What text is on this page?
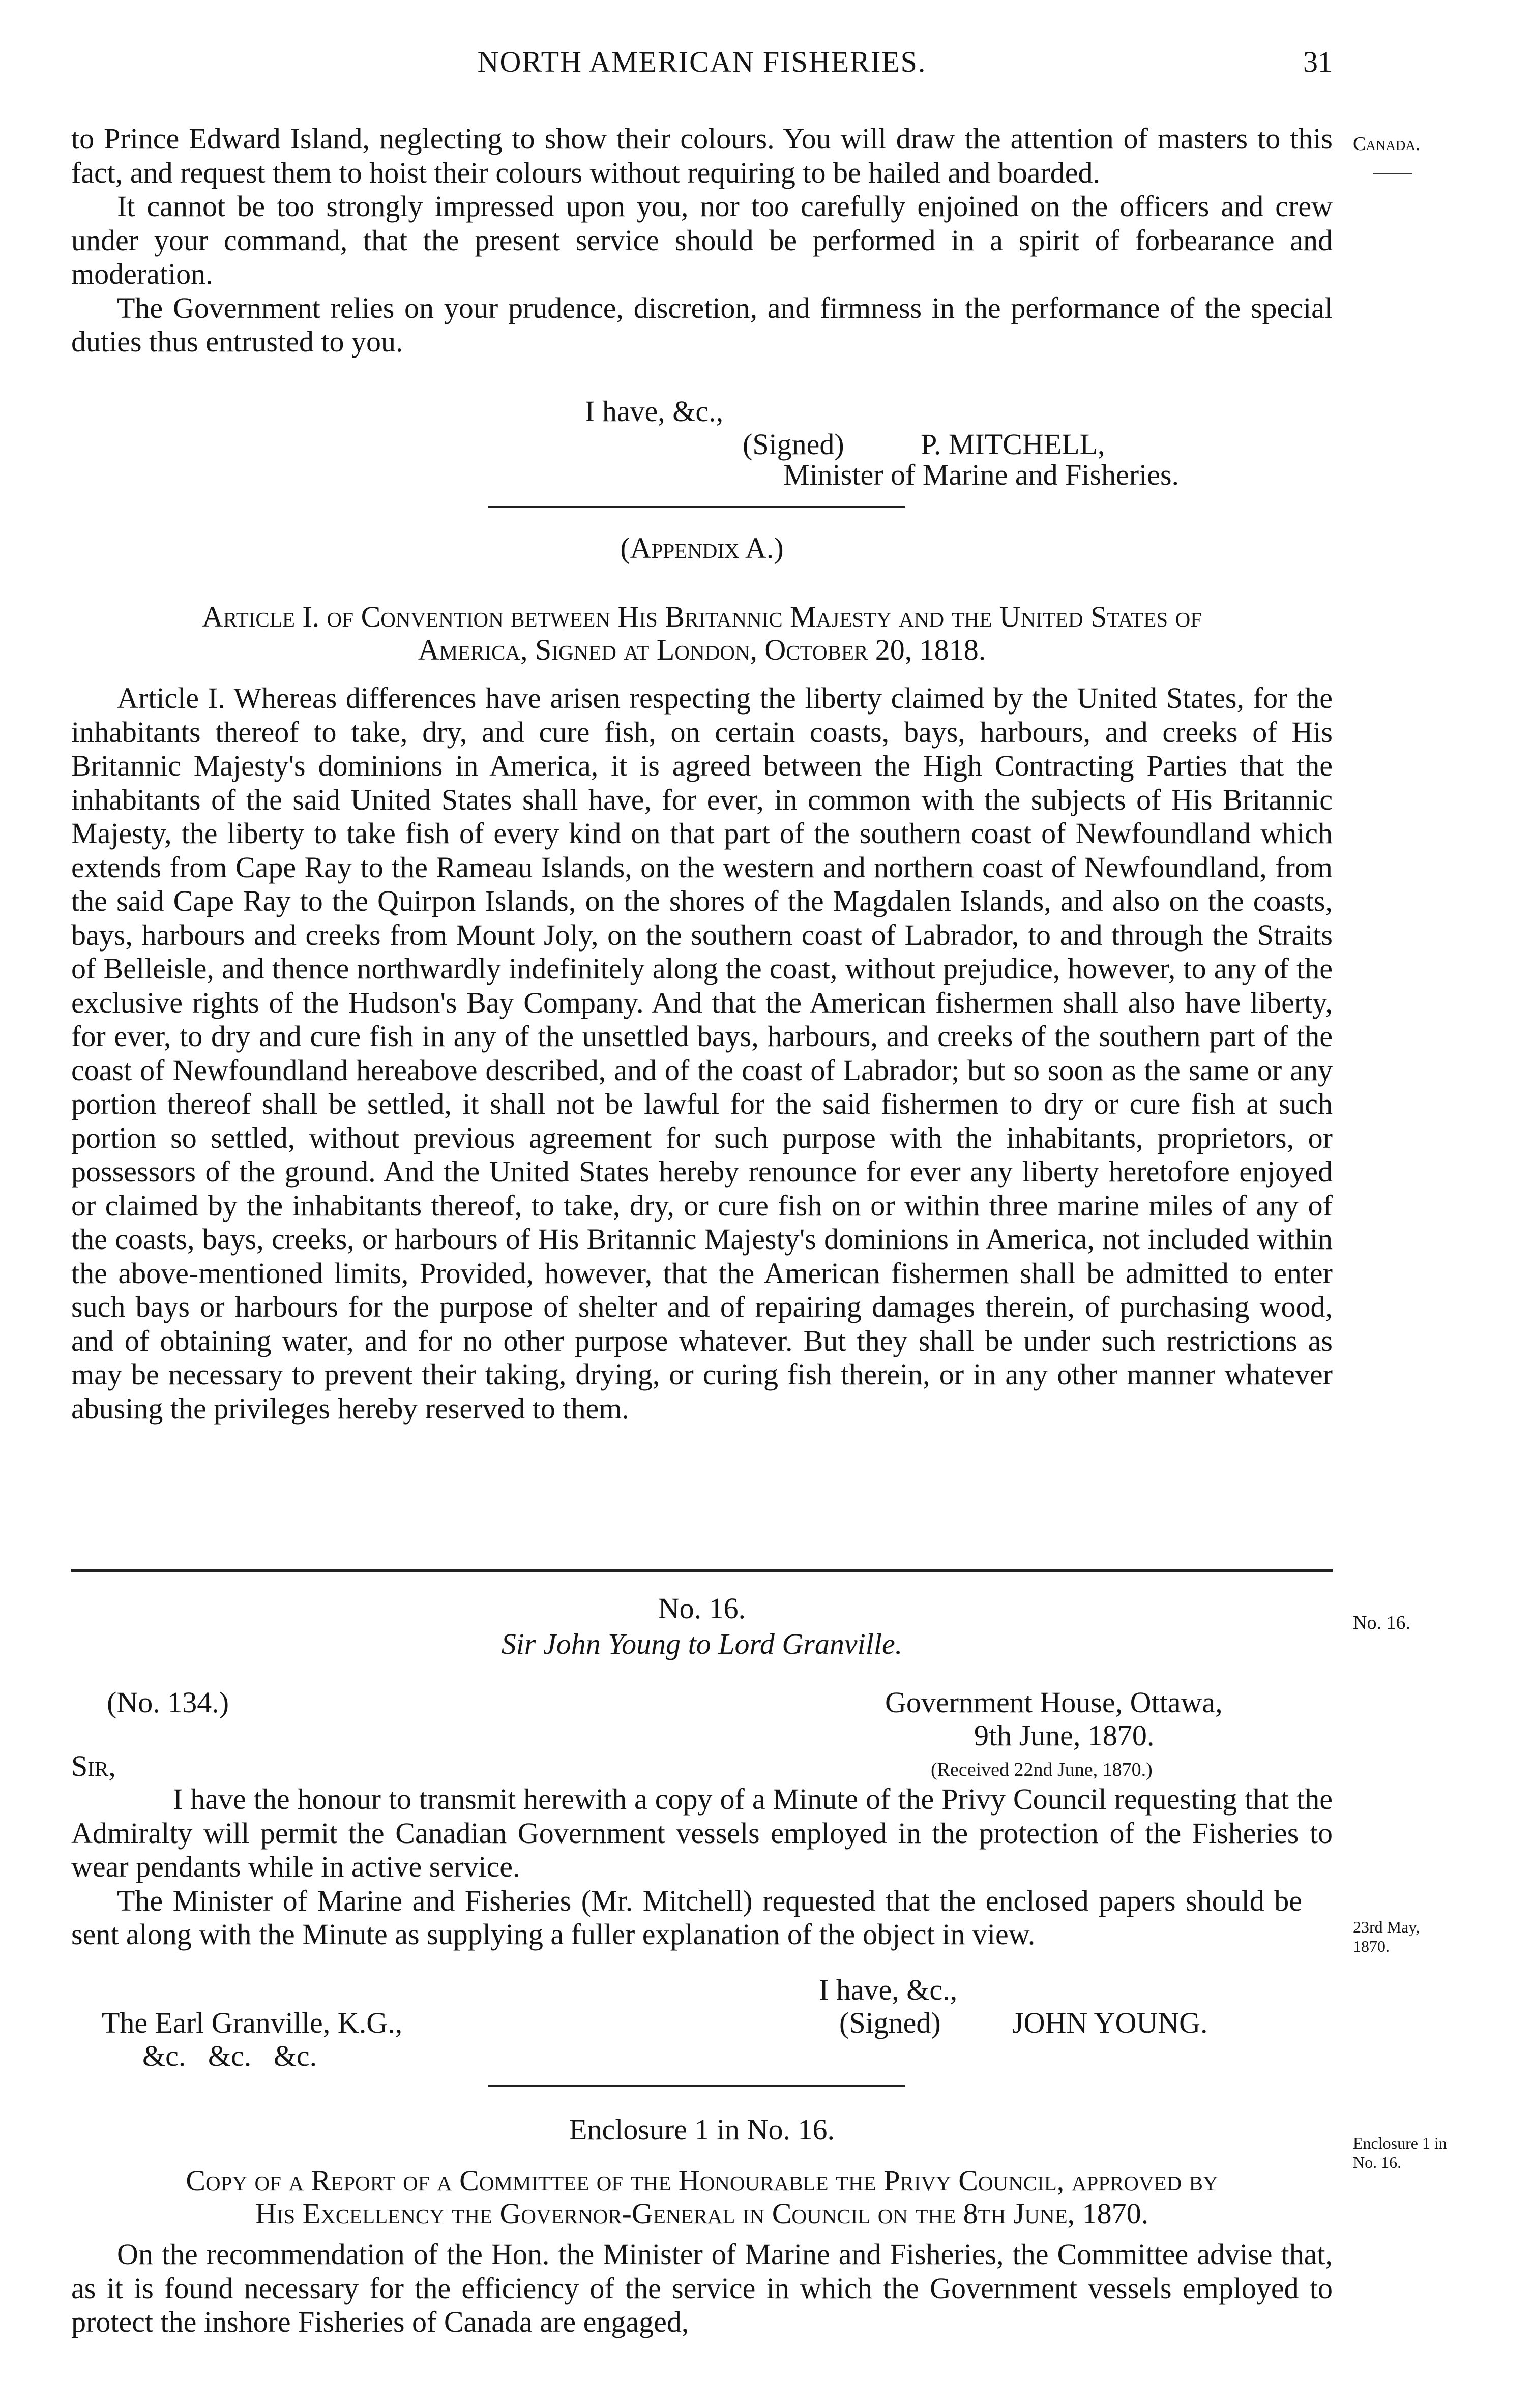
NORTH AMERICAN FISHERIES.	31
Canada.
——

to Prince Edward Island, neglecting to show their colours. You will draw the attention of masters to this fact, and request them to hoist their colours without requiring to be hailed and boarded.

It cannot be too strongly impressed upon you, nor too carefully enjoined on the officers and crew under your command, that the present service should be performed in a spirit of forbearance and moderation.

The Government relies on your prudence, discretion, and firmness in the performance of the special duties thus entrusted to you.

I have, &c.,
(Signed)	P. MITCHELL,
Minister of Marine and Fisheries.
(Appendix A.)
Article I. of Convention between His Britannic Majesty and the United States of
America, Signed at London, October 20, 1818.

Article I. Whereas differences have arisen respecting the liberty claimed by the United States, for the inhabitants thereof to take, dry, and cure fish, on certain coasts, bays, harbours, and creeks of His Britannic Majesty's dominions in America, it is agreed between the High Contracting Parties that the inhabitants of the said United States shall have, for ever, in common with the subjects of His Britannic Majesty, the liberty to take fish of every kind on that part of the southern coast of Newfoundland which extends from Cape Ray to the Rameau Islands, on the western and northern coast of Newfoundland, from the said Cape Ray to the Quirpon Islands, on the shores of the Magdalen Islands, and also on the coasts, bays, harbours and creeks from Mount Joly, on the southern coast of Labrador, to and through the Straits of Belleisle, and thence northwardly indefinitely along the coast, without prejudice, however, to any of the exclusive rights of the Hudson's Bay Company. And that the American fishermen shall also have liberty, for ever, to dry and cure fish in any of the unsettled bays, harbours, and creeks of the southern part of the coast of Newfoundland hereabove described, and of the coast of Labrador; but so soon as the same or any portion thereof shall be settled, it shall not be lawful for the said fishermen to dry or cure fish at such portion so settled, without previous agreement for such purpose with the inhabitants, proprietors, or possessors of the ground. And the United States hereby renounce for ever any liberty heretofore enjoyed or claimed by the inhabitants thereof, to take, dry, or cure fish on or within three marine miles of any of the coasts, bays, creeks, or harbours of His Britannic Majesty's dominions in America, not included within the above-mentioned limits, Provided, however, that the American fishermen shall be admitted to enter such bays or harbours for the purpose of shelter and of repairing damages therein, of purchasing wood, and of obtaining water, and for no other purpose whatever. But they shall be under such restrictions as may be necessary to prevent their taking, drying, or curing fish therein, or in any other manner whatever abusing the privileges hereby reserved to them.

No. 16.	No. 16.
Sir John Young to Lord Granville.
(No. 134.)	Government House, Ottawa,
9th June, 1870.
Sir,	(Received 22nd June, 1870.)

I have the honour to transmit herewith a copy of a Minute of the Privy Council requesting that the Admiralty will permit the Canadian Government vessels employed in the protection of the Fisheries to wear pendants while in active service.

The Minister of Marine and Fisheries (Mr. Mitchell) requested that the enclosed papers should be sent along with the Minute as supplying a fuller explanation of the object in view.	23rd May,
1870.
I have, &c.,
The Earl Granville, K.G.,	(Signed) JOHN YOUNG.
&c.   &c.   &c.
Enclosure 1 in No. 16.	Enclosure 1 in
No. 16.
Copy of a Report of a Committee of the Honourable the Privy Council, approved by
His Excellency the Governor-General in Council on the 8th June, 1870.

On the recommendation of the Hon. the Minister of Marine and Fisheries, the Committee advise that, as it is found necessary for the efficiency of the service in which the Government vessels employed to protect the inshore Fisheries of Canada are engaged,
